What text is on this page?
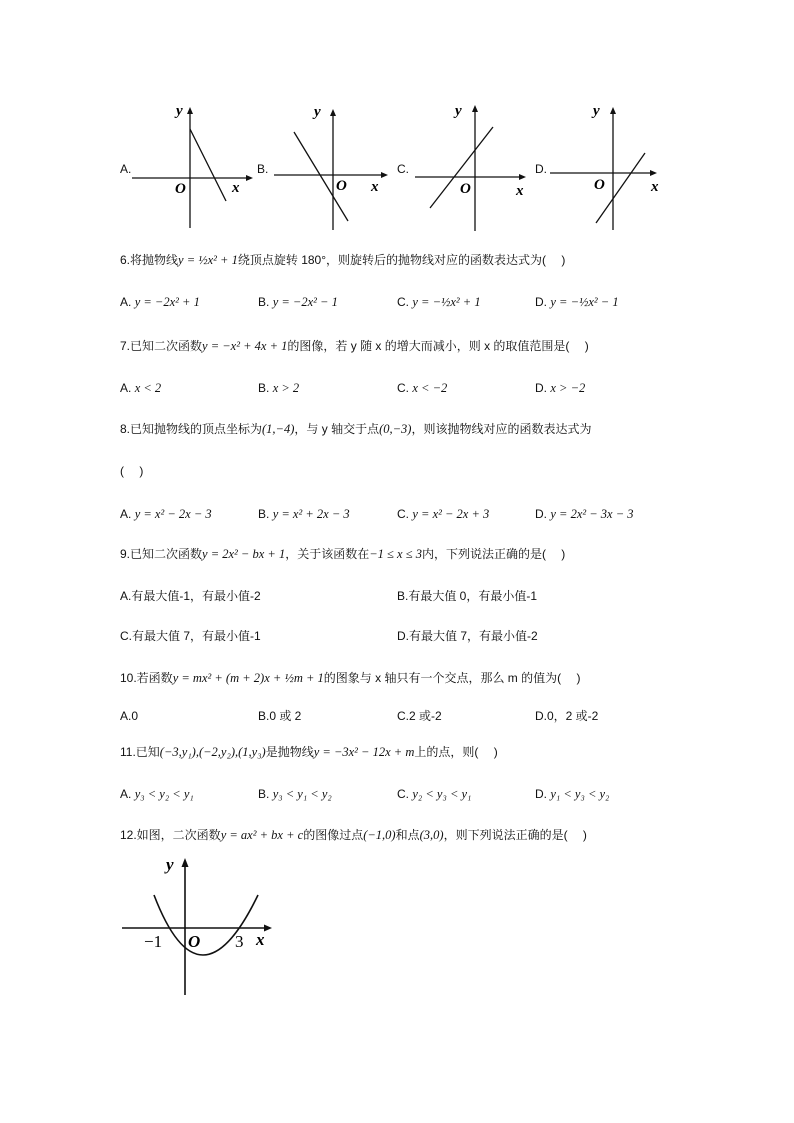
A.
y
x
O
B.
y
x
O
C.
y
x
O
D.
y
x
O
6.将抛物线y = ½x² + 1绕顶点旋转 180°，则旋转后的抛物线对应的函数表达式为(　 )
A. y = −2x² + 1	B. y = −2x² − 1	C. y = −½x² + 1	D. y = −½x² − 1
7.已知二次函数y = −x² + 4x + 1的图像，若 y 随 x 的增大而减小，则 x 的取值范围是(　 )
A. x < 2	B. x > 2	C. x < −2	D. x > −2
8.已知抛物线的顶点坐标为(1,−4)，与 y 轴交于点(0,−3)，则该抛物线对应的函数表达式为
(　 )
A. y = x² − 2x − 3	B. y = x² + 2x − 3	C. y = x² − 2x + 3	D. y = 2x² − 3x − 3
9.已知二次函数y = 2x² − bx + 1，关于该函数在−1 ≤ x ≤ 3内，下列说法正确的是(　 )
A.有最大值-1，有最小值-2	B.有最大值 0，有最小值-1
C.有最大值 7，有最小值-1	D.有最大值 7，有最小值-2
10.若函数y = mx² + (m + 2)x + ½m + 1的图象与 x 轴只有一个交点，那么 m 的值为(　 )
A.0	B.0 或 2	C.2 或-2	D.0，2 或-2
11.已知(−3,y₁),(−2,y₂),(1,y₃)是抛物线y = −3x² − 12x + m上的点，则(　 )
A. y₃ < y₂ < y₁	B. y₃ < y₁ < y₂	C. y₂ < y₃ < y₁	D. y₁ < y₃ < y₂
12.如图，二次函数y = ax² + bx + c的图像过点(−1,0)和点(3,0)，则下列说法正确的是(　 )
y
x
O
−1	3
